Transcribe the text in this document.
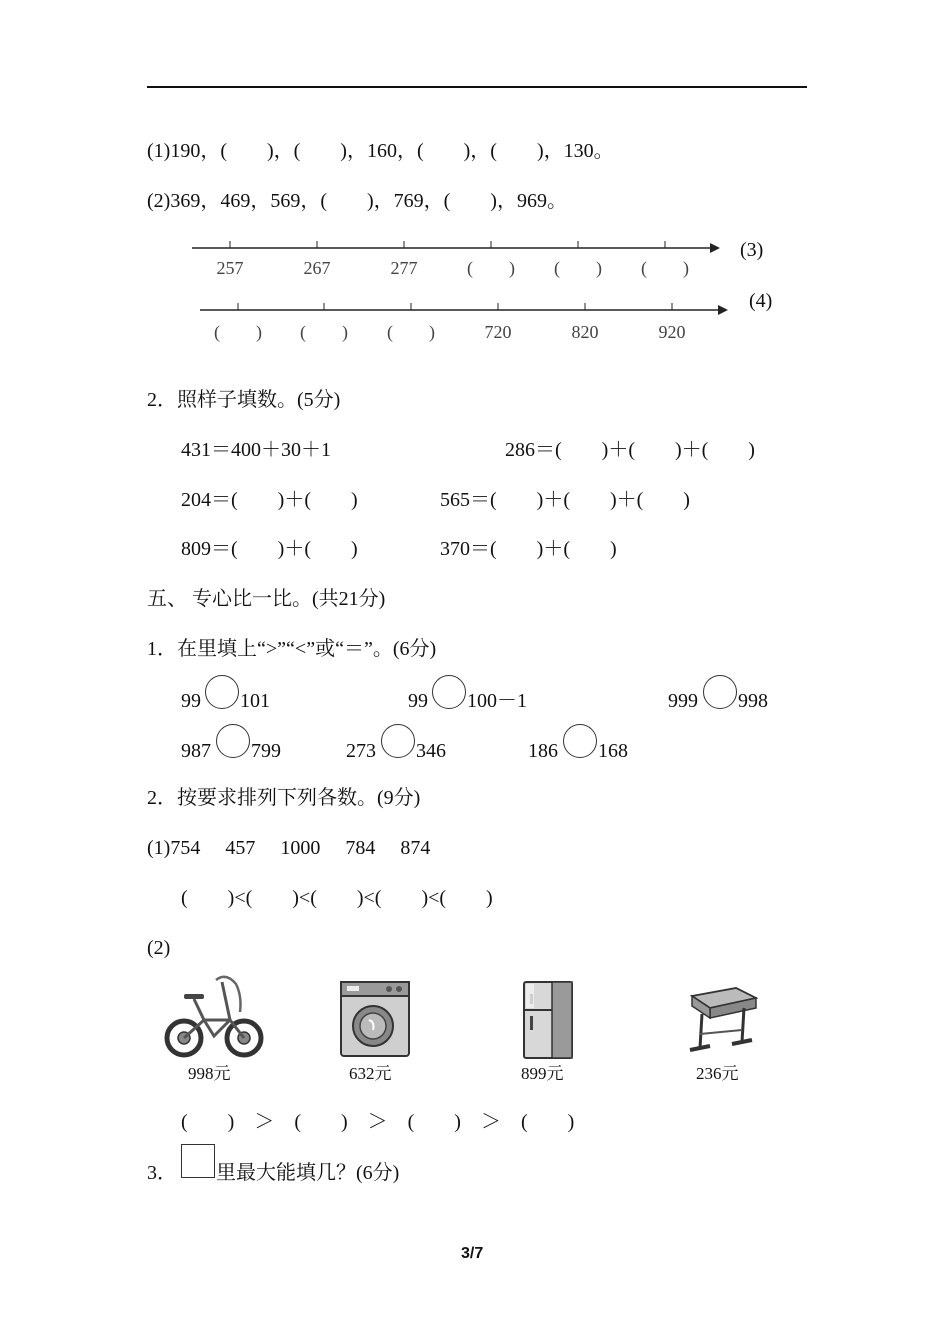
(1)190，(　　)，(　　)，160，(　　)，(　　)，130。
(2)369，469，569，(　　)，769，(　　)，969。
257	267	277	(　　) (　　) (　　)
(3)
(　　) (　　) (　　)	720	820	920
(4)
2．照样子填数。(5分)
431＝400＋30＋1	286＝(　　)＋(　　)＋(　　)
204＝(　　)＋(　　)	565＝(　　)＋(　　)＋(　　)
809＝(　　)＋(　　)	370＝(　　)＋(　　)
五、 专心比一比。(共21分)
1．在里填上“>”“<”或“＝”。(6分)
99 101	99 100－1	999 998
987 799	273 346	186 168
2．按要求排列下列各数。(9分)
(1)754　 457　 1000　 784　 874
(　　)<(　　)<(　　)<(　　)<(　　)
(2)
998元	632元	899元	236元
(　　)　＞　(　　)　＞　(　　)　＞　(　　)
3． 里最大能填几？(6分)
3/7
